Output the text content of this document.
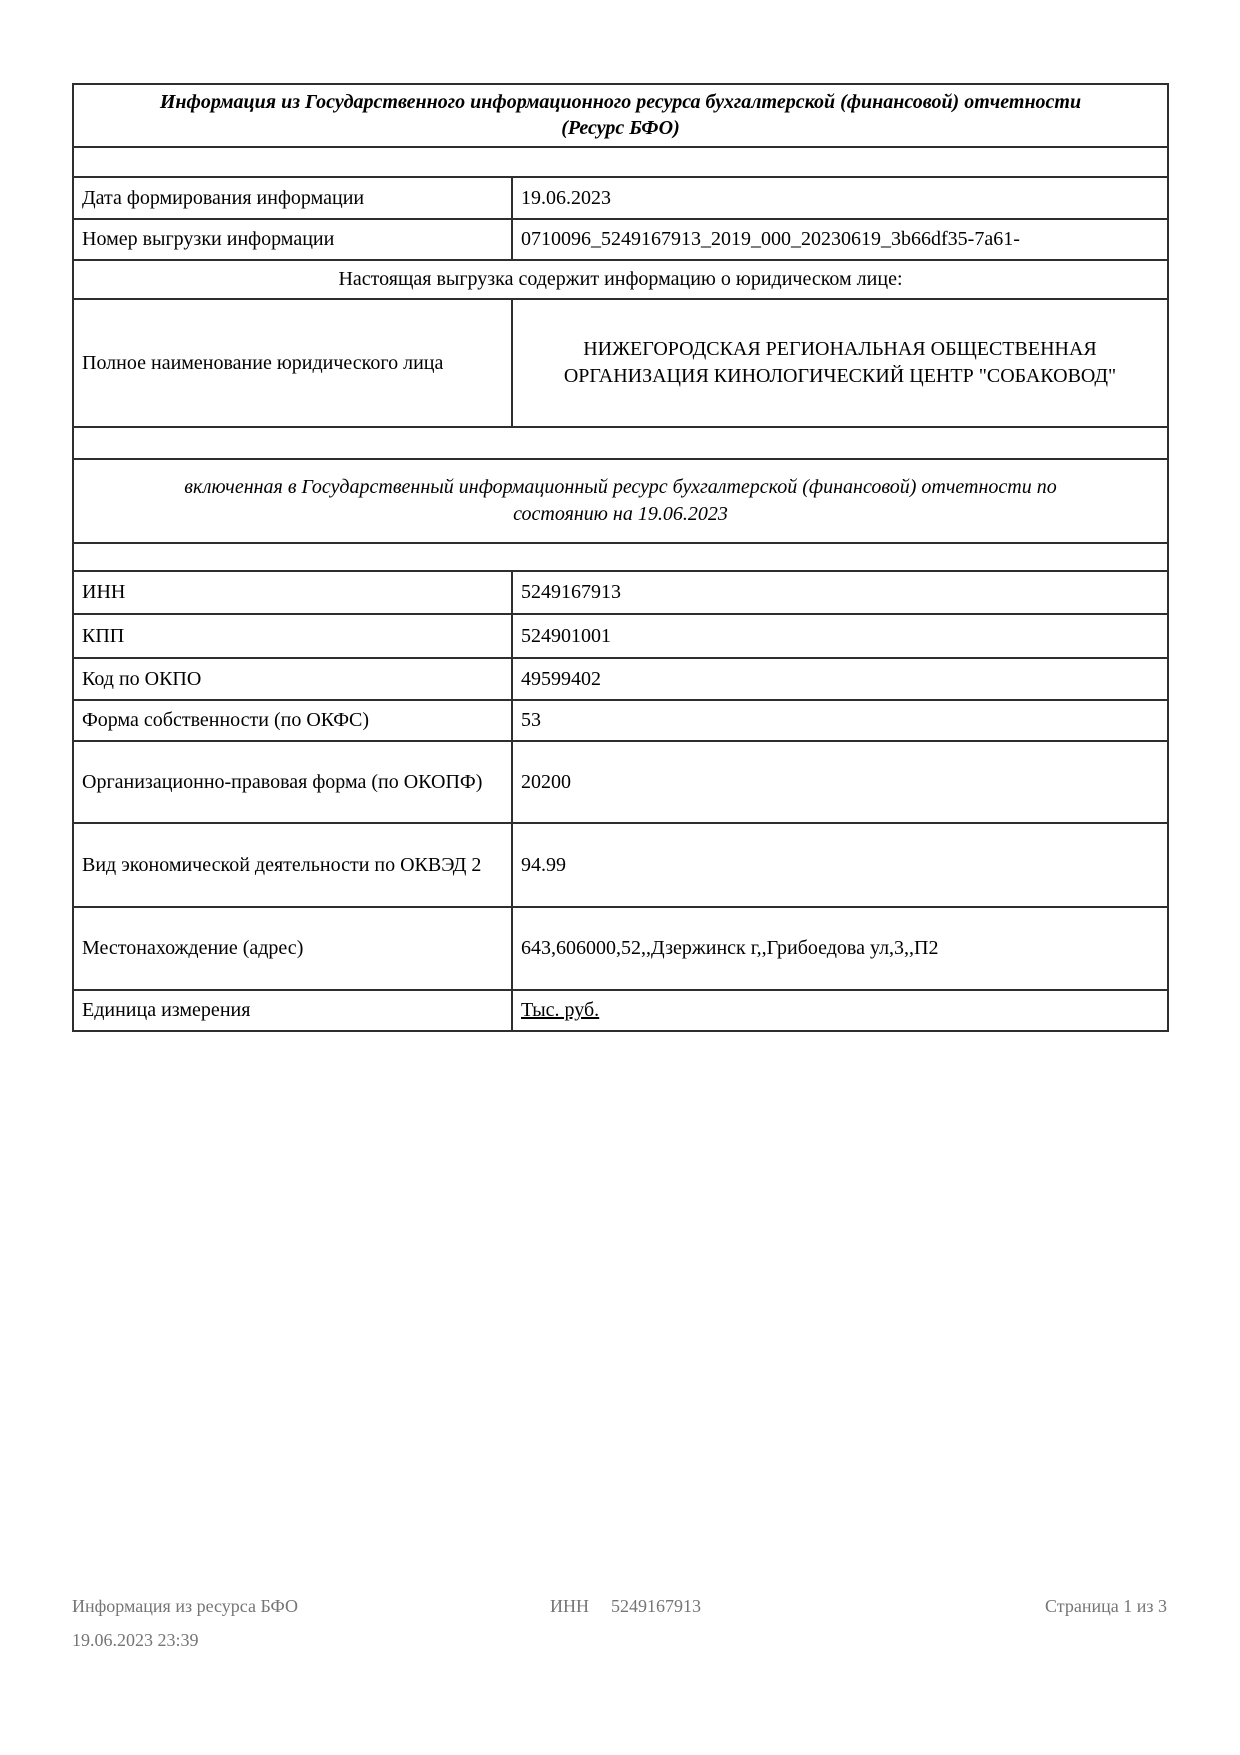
Информация из Государственного информационного ресурса бухгалтерской (финансовой) отчетности (Ресурс БФО)	

Дата формирования информации	19.06.2023
Номер выгрузки информации	0710096_5249167913_2019_000_20230619_3b66df35-7a61-
Настоящая выгрузка содержит информацию о юридическом лице:	
Полное наименование юридического лица	НИЖЕГОРОДСКАЯ РЕГИОНАЛЬНАЯ ОБЩЕСТВЕННАЯ ОРГАНИЗАЦИЯ КИНОЛОГИЧЕСКИЙ ЦЕНТР "СОБАКОВОД"

включенная в Государственный информационный ресурс бухгалтерской (финансовой) отчетности по состоянию на 19.06.2023	

ИНН	5249167913
КПП	524901001
Код по ОКПО	49599402
Форма собственности (по ОКФС)	53
Организационно-правовая форма (по ОКОПФ)	20200
Вид экономической деятельности по ОКВЭД 2	94.99
Местонахождение (адрес)	643,606000,52,,Дзержинск г,,Грибоедова ул,3,,П2
Единица измерения	Тыс. руб.
Информация из ресурса БФО
19.06.2023 23:39
ИНН 5249167913	Страница 1 из 3
